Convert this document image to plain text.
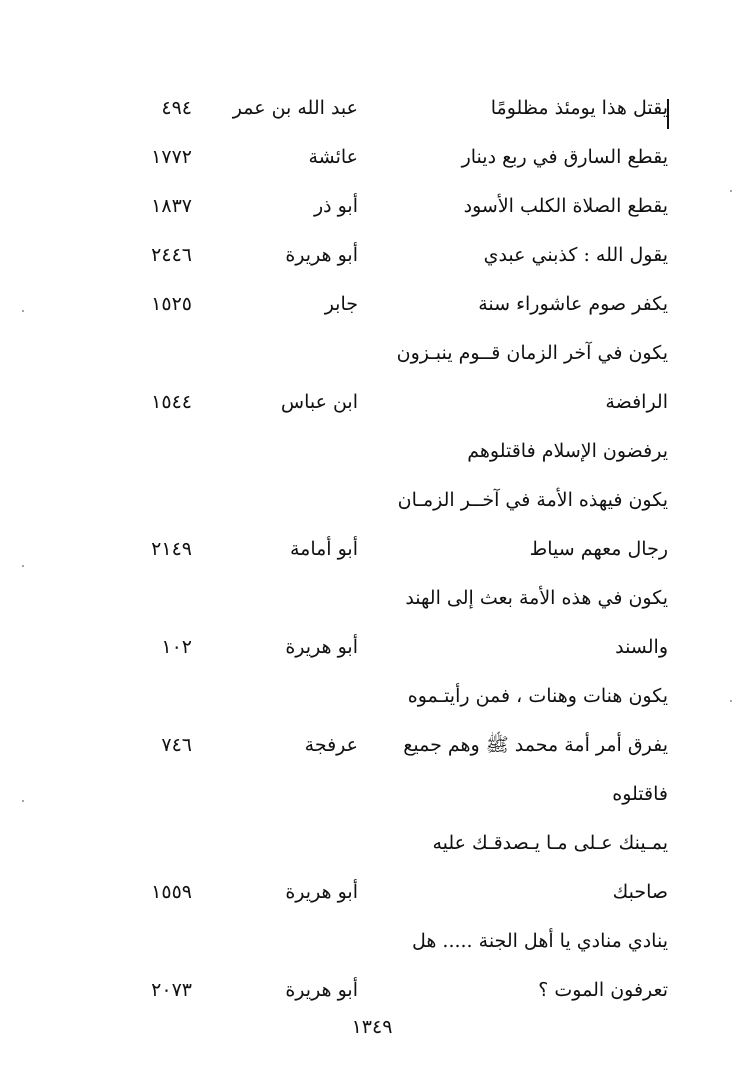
يقتل هذا يومئذ مظلومًا
عبد الله بن عمر
٤٩٤
يقطع السارق في ربع دينار
عائشة
١٧٧٢
يقطع الصلاة الكلب الأسود
أبو ذر
١٨٣٧
يقول الله : كذبني عبدي
أبو هريرة
٢٤٤٦
يكفر صوم عاشوراء سنة
جابر
١٥٢٥
يكون في آخر الزمان قــوم ينبـزون
الرافضة
ابن عباس
١٥٤٤
يرفضون الإسلام فاقتلوهم
يكون فيهذه الأمة في آخــر الزمـان
رجال معهم سياط
أبو أمامة
٢١٤٩
يكون في هذه الأمة بعث إلى الهند
والسند
أبو هريرة
١٠٢
يكون هنات وهنات ، فمن رأيتـموه
يفرق أمر أمة محمد ﷺ وهم جميع
عرفجة
٧٤٦
فاقتلوه
يمـينك عـلى مـا يـصدقـك عليه
صاحبك
أبو هريرة
١٥٥٩
ينادي منادي يا أهل الجنة ..... هل
تعرفون الموت ؟
أبو هريرة
٢٠٧٣
١٣٤٩
